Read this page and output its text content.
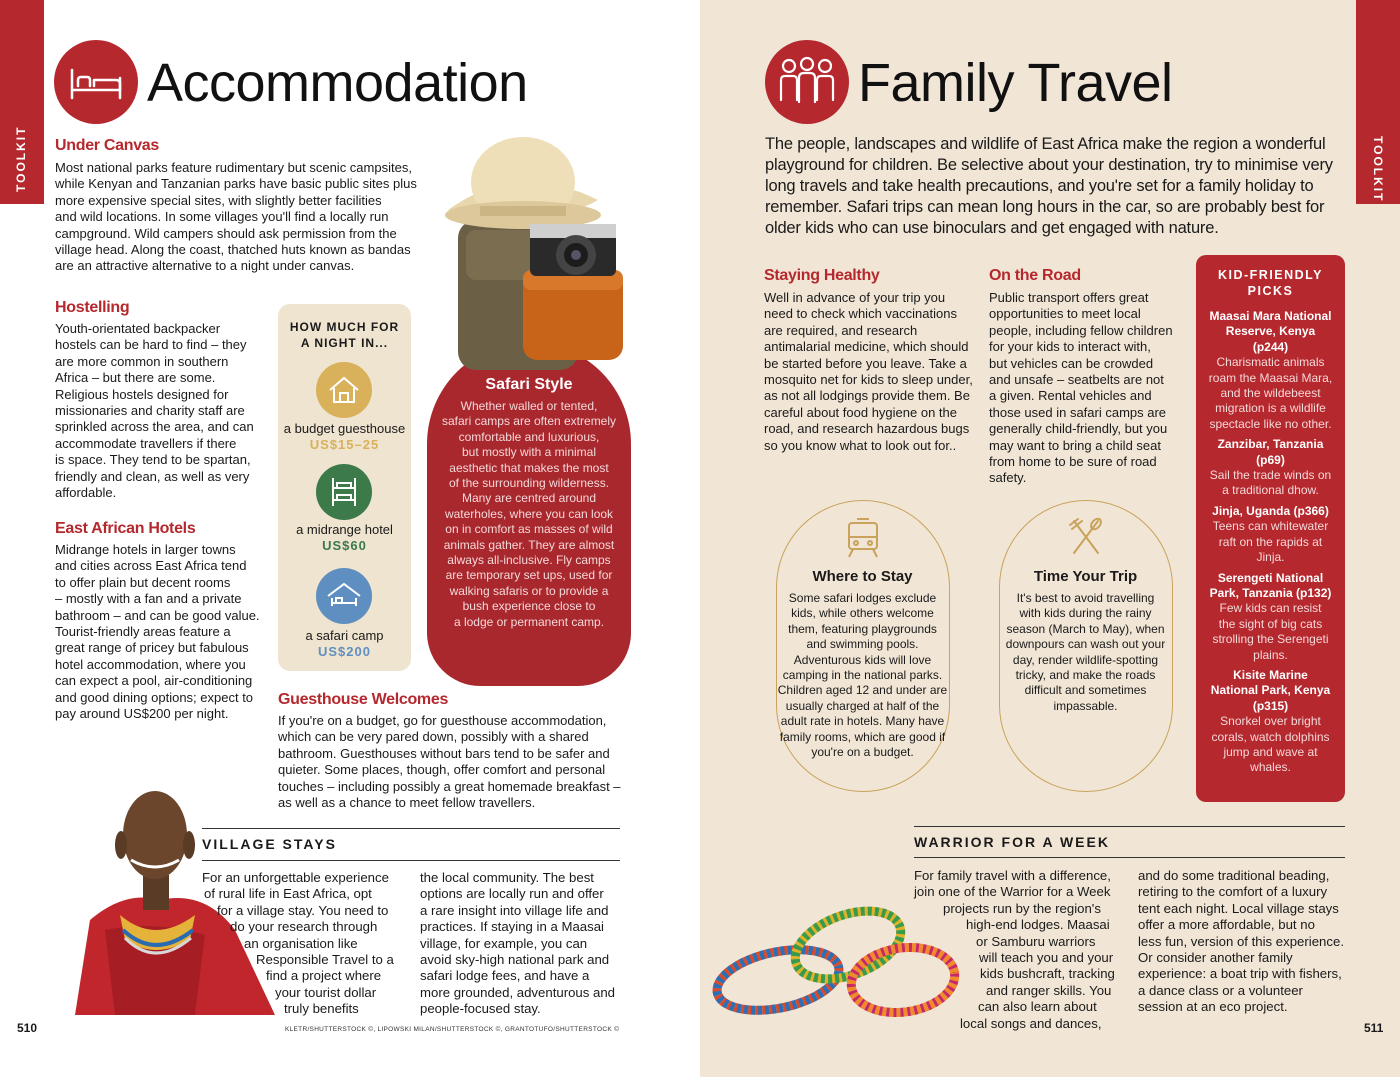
TOOLKIT
Accommodation
Under Canvas
Most national parks feature rudimentary but scenic campsites,
while Kenyan and Tanzanian parks have basic public sites plus
more expensive special sites, with slightly better facilities
and wild locations. In some villages you'll find a locally run
campground. Wild campers should ask permission from the
village head. Along the coast, thatched huts known as bandas
are an attractive alternative to a night under canvas.
Hostelling
Youth-orientated backpacker
hostels can be hard to find – they
are more common in southern
Africa – but there are some.
Religious hostels designed for
missionaries and charity staff are
sprinkled across the area, and can
accommodate travellers if there
is space. They tend to be spartan,
friendly and clean, as well as very
affordable.
East African Hotels
Midrange hotels in larger towns
and cities across East Africa tend
to offer plain but decent rooms
– mostly with a fan and a private
bathroom – and can be good value.
Tourist-friendly areas feature a
great range of pricey but fabulous
hotel accommodation, where you
can expect a pool, air-conditioning
and good dining options; expect to
pay around US$200 per night.
HOW MUCH FOR
A NIGHT IN...
a budget guesthouse
US$15–25
a midrange hotel
US$60
a safari camp
US$200
Safari Style
Whether walled or tented,
safari camps are often extremely
comfortable and luxurious,
but mostly with a minimal
aesthetic that makes the most
of the surrounding wilderness.
Many are centred around
waterholes, where you can look
on in comfort as masses of wild
animals gather. They are almost
always all-inclusive. Fly camps
are temporary set ups, used for
walking safaris or to provide a
bush experience close to
a lodge or permanent camp.
Guesthouse Welcomes
If you're on a budget, go for guesthouse accommodation,
which can be very pared down, possibly with a shared
bathroom. Guesthouses without bars tend to be safer and
quieter. Some places, though, offer comfort and personal
touches – including possibly a great homemade breakfast –
as well as a chance to meet fellow travellers.
VILLAGE STAYS
For an unforgettable experience
of rural life in East Africa, opt
for a village stay. You need to
do your research through
an organisation like
Responsible Travel to a
find a project where
your tourist dollar
truly benefits
the local community. The best
options are locally run and offer
a rare insight into village life and
practices. If staying in a Maasai
village, for example, you can
avoid sky-high national park and
safari lodge fees, and have a
more grounded, adventurous and
people-focused stay.
510	KLETR/SHUTTERSTOCK ©, LIPOWSKI MILAN/SHUTTERSTOCK ©, GRANTOTUFO/SHUTTERSTOCK ©
TOOLKIT
Family Travel
The people, landscapes and wildlife of East Africa make the region a wonderful
playground for children. Be selective about your destination, try to minimise very
long travels and take health precautions, and you're set for a family holiday to
remember. Safari trips can mean long hours in the car, so are probably best for
older kids who can use binoculars and get engaged with nature.
Staying Healthy
Well in advance of your trip you
need to check which vaccinations
are required, and research
antimalarial medicine, which should
be started before you leave. Take a
mosquito net for kids to sleep under,
as not all lodgings provide them. Be
careful about food hygiene on the
road, and research hazardous bugs
so you know what to look out for..
On the Road
Public transport offers great
opportunities to meet local
people, including fellow children
for your kids to interact with,
but vehicles can be crowded
and unsafe – seatbelts are not
a given. Rental vehicles and
those used in safari camps are
generally child-friendly, but you
may want to bring a child seat
from home to be sure of road
safety.
Where to Stay
Some safari lodges exclude
kids, while others welcome
them, featuring playgrounds
and swimming pools.
Adventurous kids will love
camping in the national parks.
Children aged 12 and under are
usually charged at half of the
adult rate in hotels. Many have
family rooms, which are good if
you're on a budget.
Time Your Trip
It's best to avoid travelling
with kids during the rainy
season (March to May), when
downpours can wash out your
day, render wildlife-spotting
tricky, and make the roads
difficult and sometimes
impassable.
KID-FRIENDLY
PICKS
Maasai Mara National
Reserve, Kenya
(p244)
Charismatic animals
roam the Maasai Mara,
and the wildebeest
migration is a wildlife
spectacle like no other.
Zanzibar, Tanzania
(p69)
Sail the trade winds on
a traditional dhow.
Jinja, Uganda (p366)
Teens can whitewater
raft on the rapids at
Jinja.
Serengeti National
Park, Tanzania (p132)
Few kids can resist
the sight of big cats
strolling the Serengeti
plains.
Kisite Marine
National Park, Kenya
(p315)
Snorkel over bright
corals, watch dolphins
jump and wave at
whales.
WARRIOR FOR A WEEK
For family travel with a difference,
join one of the Warrior for a Week
projects run by the region's
high-end lodges. Maasai
or Samburu warriors
will teach you and your
kids bushcraft, tracking
and ranger skills. You
can also learn about
local songs and dances,
and do some traditional beading,
retiring to the comfort of a luxury
tent each night. Local village stays
offer a more affordable, but no
less fun, version of this experience.
Or consider another family
experience: a boat trip with fishers,
a dance class or a volunteer
session at an eco project.
511
